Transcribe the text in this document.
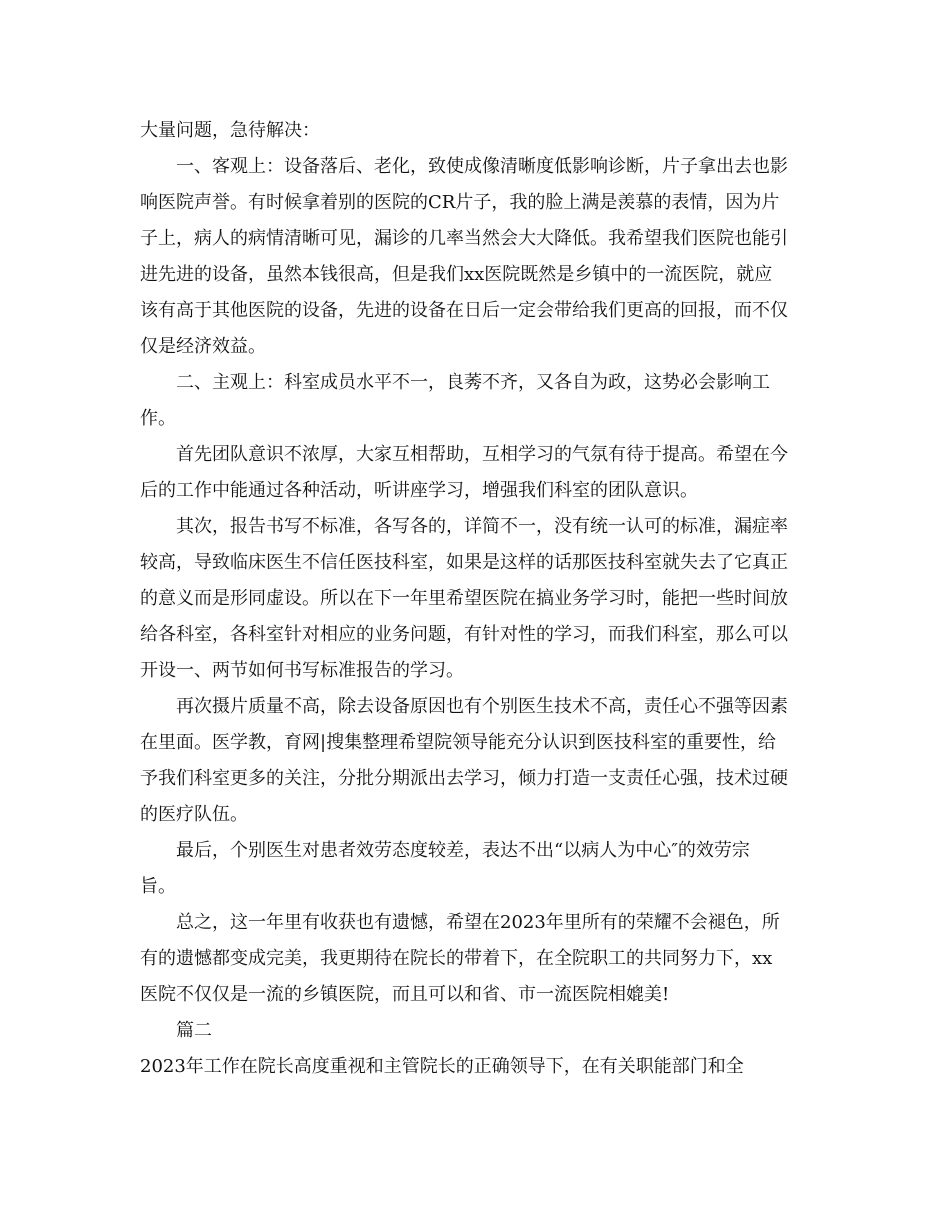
大量问题，急待解决：

一、客观上：设备落后、老化，致使成像清晰度低影响诊断，片子拿出去也影

响医院声誉。有时候拿着别的医院的CR片子，我的脸上满是羡慕的表情，因为片

子上，病人的病情清晰可见，漏诊的几率当然会大大降低。我希望我们医院也能引

进先进的设备，虽然本钱很高，但是我们xx医院既然是乡镇中的一流医院，就应

该有高于其他医院的设备，先进的设备在日后一定会带给我们更高的回报，而不仅

仅是经济效益。

二、主观上：科室成员水平不一，良莠不齐，又各自为政，这势必会影响工

作。

首先团队意识不浓厚，大家互相帮助，互相学习的气氛有待于提高。希望在今

后的工作中能通过各种活动，听讲座学习，增强我们科室的团队意识。

其次，报告书写不标准，各写各的，详简不一，没有统一认可的标准，漏症率

较高，导致临床医生不信任医技科室，如果是这样的话那医技科室就失去了它真正

的意义而是形同虚设。所以在下一年里希望医院在搞业务学习时，能把一些时间放

给各科室，各科室针对相应的业务问题，有针对性的学习，而我们科室，那么可以

开设一、两节如何书写标准报告的学习。

再次摄片质量不高，除去设备原因也有个别医生技术不高，责任心不强等因素

在里面。医学教，育网|搜集整理希望院领导能充分认识到医技科室的重要性，给

予我们科室更多的关注，分批分期派出去学习，倾力打造一支责任心强，技术过硬

的医疗队伍。

最后，个别医生对患者效劳态度较差，表达不出“以病人为中心″的效劳宗

旨。

总之，这一年里有收获也有遗憾，希望在2023年里所有的荣耀不会褪色，所

有的遗憾都变成完美，我更期待在院长的带着下，在全院职工的共同努力下，xx

医院不仅仅是一流的乡镇医院，而且可以和省、市一流医院相媲美!

篇二

2023年工作在院长高度重视和主管院长的正确领导下，在有关职能部门和全
